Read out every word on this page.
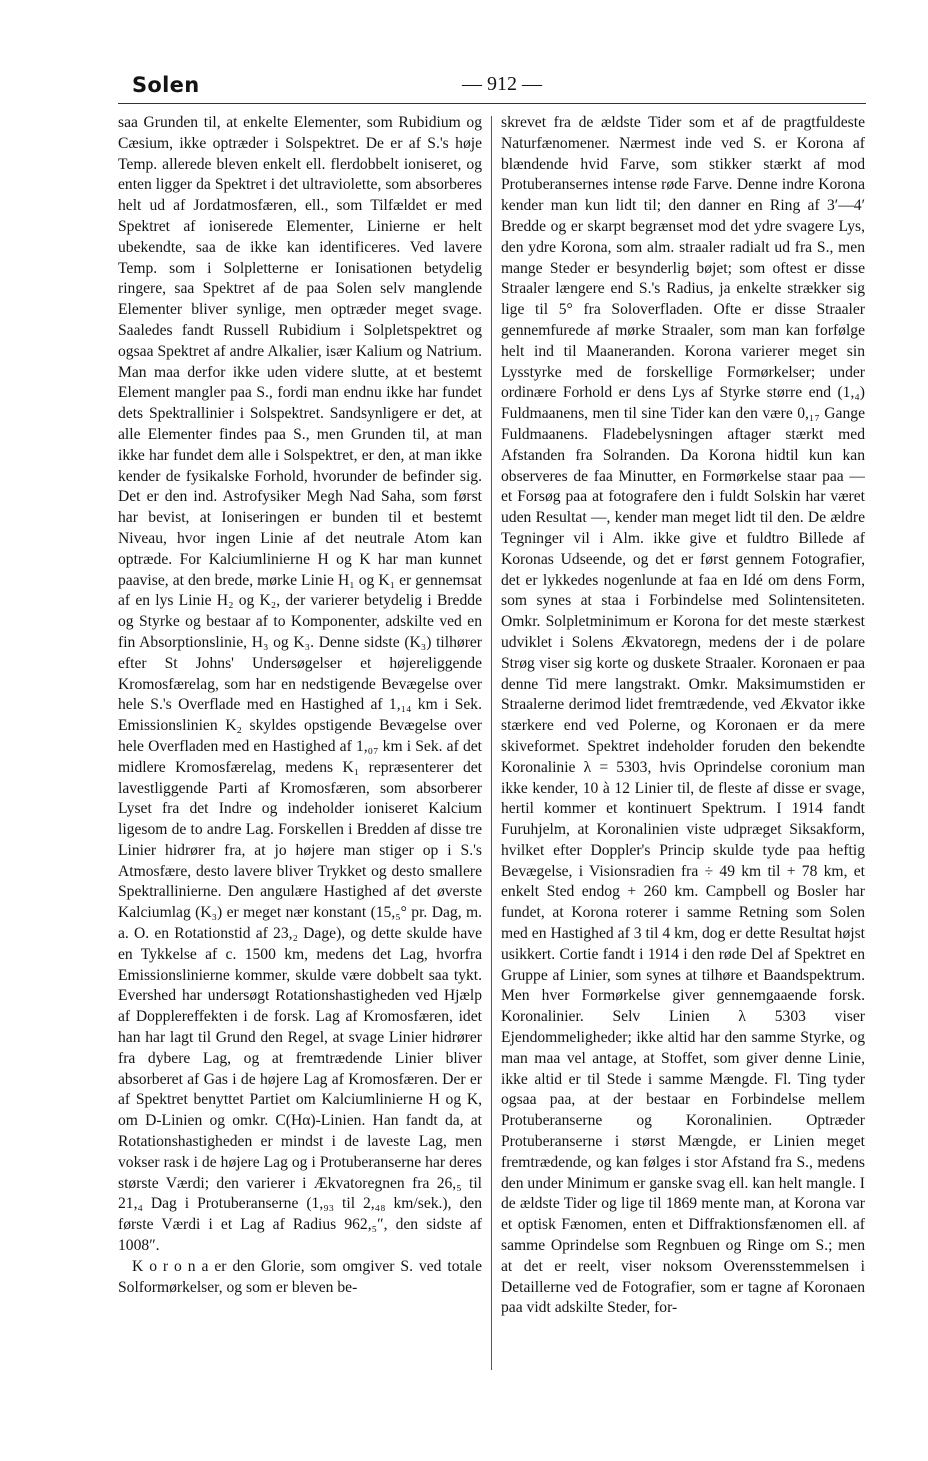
Solen	— 912 —

saa Grunden til, at enkelte Elementer, som Rubidium og Cæsium, ikke optræder i Solspektret. De er af S.'s høje Temp. allerede bleven enkelt ell. flerdobbelt ioniseret, og enten ligger da Spektret i det ultraviolette, som absorberes helt ud af Jordatmosfæren, ell., som Tilfældet er med Spektret af ioniserede Elementer, Linierne er helt ubekendte, saa de ikke kan identificeres. Ved lavere Temp. som i Solpletterne er Ionisationen betydelig ringere, saa Spektret af de paa Solen selv manglende Elementer bliver synlige, men optræder meget svage. Saaledes fandt Russell Rubidium i Solpletspektret og ogsaa Spektret af andre Alkalier, især Kalium og Natrium. Man maa derfor ikke uden videre slutte, at et bestemt Element mangler paa S., fordi man endnu ikke har fundet dets Spektrallinier i Solspektret. Sandsynligere er det, at alle Elementer findes paa S., men Grunden til, at man ikke har fundet dem alle i Solspektret, er den, at man ikke kender de fysikalske Forhold, hvorunder de befinder sig. Det er den ind. Astrofysiker Megh Nad Saha, som først har bevist, at Ioniseringen er bunden til et bestemt Niveau, hvor ingen Linie af det neutrale Atom kan optræde. For Kalciumlinierne H og K har man kunnet paavise, at den brede, mørke Linie H₁ og K₁ er gennemsat af en lys Linie H₂ og K₂, der varierer betydelig i Bredde og Styrke og bestaar af to Komponenter, adskilte ved en fin Absorptionslinie, H₃ og K₃. Denne sidste (K₃) tilhører efter St Johns' Undersøgelser et højereliggende Kromosfærelag, som har en nedstigende Bevægelse over hele S.'s Overflade med en Hastighed af 1,₁₄ km i Sek. Emissionslinien K₂ skyldes opstigende Bevægelse over hele Overfladen med en Hastighed af 1,₀₇ km i Sek. af det midlere Kromosfærelag, medens K₁ repræsenterer det lavestliggende Parti af Kromosfæren, som absorberer Lyset fra det Indre og indeholder ioniseret Kalcium ligesom de to andre Lag. Forskellen i Bredden af disse tre Linier hidrører fra, at jo højere man stiger op i S.'s Atmosfære, desto lavere bliver Trykket og desto smallere Spektrallinierne. Den angulære Hastighed af det øverste Kalciumlag (K₃) er meget nær konstant (15,₅° pr. Dag, m. a. O. en Rotationstid af 23,₂ Dage), og dette skulde have en Tykkelse af c. 1500 km, medens det Lag, hvorfra Emissionslinierne kommer, skulde være dobbelt saa tykt. Evershed har undersøgt Rotationshastigheden ved Hjælp af Dopplereffekten i de forsk. Lag af Kromosfæren, idet han har lagt til Grund den Regel, at svage Linier hidrører fra dybere Lag, og at fremtrædende Linier bliver absorberet af Gas i de højere Lag af Kromosfæren. Der er af Spektret benyttet Partiet om Kalciumlinierne H og K, om D-Linien og omkr. C(Hα)-Linien. Han fandt da, at Rotationshastigheden er mindst i de laveste Lag, men vokser rask i de højere Lag og i Protuberanserne har deres største Værdi; den varierer i Ækvatoregnen fra 26,₅ til 21,₄ Dag i Protuberanserne (1,₉₃ til 2,₄₈ km/sek.), den første Værdi i et Lag af Radius 962,₅″, den sidste af 1008″.

K o r o n a er den Glorie, som omgiver S. ved totale Solformørkelser, og som er bleven be-

skrevet fra de ældste Tider som et af de pragtfuldeste Naturfænomener. Nærmest inde ved S. er Korona af blændende hvid Farve, som stikker stærkt af mod Protuberansernes intense røde Farve. Denne indre Korona kender man kun lidt til; den danner en Ring af 3′—4′ Bredde og er skarpt begrænset mod det ydre svagere Lys, den ydre Korona, som alm. straaler radialt ud fra S., men mange Steder er besynderlig bøjet; som oftest er disse Straaler længere end S.'s Radius, ja enkelte strækker sig lige til 5° fra Soloverfladen. Ofte er disse Straaler gennemfurede af mørke Straaler, som man kan forfølge helt ind til Maaneranden. Korona varierer meget sin Lysstyrke med de forskellige Formørkelser; under ordinære Forhold er dens Lys af Styrke større end (1,₄) Fuldmaanens, men til sine Tider kan den være 0,₁₇ Gange Fuldmaanens. Fladebelysningen aftager stærkt med Afstanden fra Solranden. Da Korona hidtil kun kan observeres de faa Minutter, en Formørkelse staar paa — et Forsøg paa at fotografere den i fuldt Solskin har været uden Resultat —, kender man meget lidt til den. De ældre Tegninger vil i Alm. ikke give et fuldtro Billede af Koronas Udseende, og det er først gennem Fotografier, det er lykkedes nogenlunde at faa en Idé om dens Form, som synes at staa i Forbindelse med Solintensiteten. Omkr. Solpletminimum er Korona for det meste stærkest udviklet i Solens Ækvatoregn, medens der i de polare Strøg viser sig korte og duskete Straaler. Koronaen er paa denne Tid mere langstrakt. Omkr. Maksimumstiden er Straalerne derimod lidet fremtrædende, ved Ækvator ikke stærkere end ved Polerne, og Koronaen er da mere skiveformet. Spektret indeholder foruden den bekendte Koronalinie λ = 5303, hvis Oprindelse coronium man ikke kender, 10 à 12 Linier til, de fleste af disse er svage, hertil kommer et kontinuert Spektrum. I 1914 fandt Furuhjelm, at Koronalinien viste udpræget Siksakform, hvilket efter Doppler's Princip skulde tyde paa heftig Bevægelse, i Visionsradien fra ÷ 49 km til + 78 km, et enkelt Sted endog + 260 km. Campbell og Bosler har fundet, at Korona roterer i samme Retning som Solen med en Hastighed af 3 til 4 km, dog er dette Resultat højst usikkert. Cortie fandt i 1914 i den røde Del af Spektret en Gruppe af Linier, som synes at tilhøre et Baandspektrum. Men hver Formørkelse giver gennemgaaende forsk. Koronalinier. Selv Linien λ 5303 viser Ejendommeligheder; ikke altid har den samme Styrke, og man maa vel antage, at Stoffet, som giver denne Linie, ikke altid er til Stede i samme Mængde. Fl. Ting tyder ogsaa paa, at der bestaar en Forbindelse mellem Protuberanserne og Koronalinien. Optræder Protuberanserne i størst Mængde, er Linien meget fremtrædende, og kan følges i stor Afstand fra S., medens den under Minimum er ganske svag ell. kan helt mangle. I de ældste Tider og lige til 1869 mente man, at Korona var et optisk Fænomen, enten et Diffraktionsfænomen ell. af samme Oprindelse som Regnbuen og Ringe om S.; men at det er reelt, viser noksom Overensstemmelsen i Detaillerne ved de Fotografier, som er tagne af Koronaen paa vidt adskilte Steder, for-
